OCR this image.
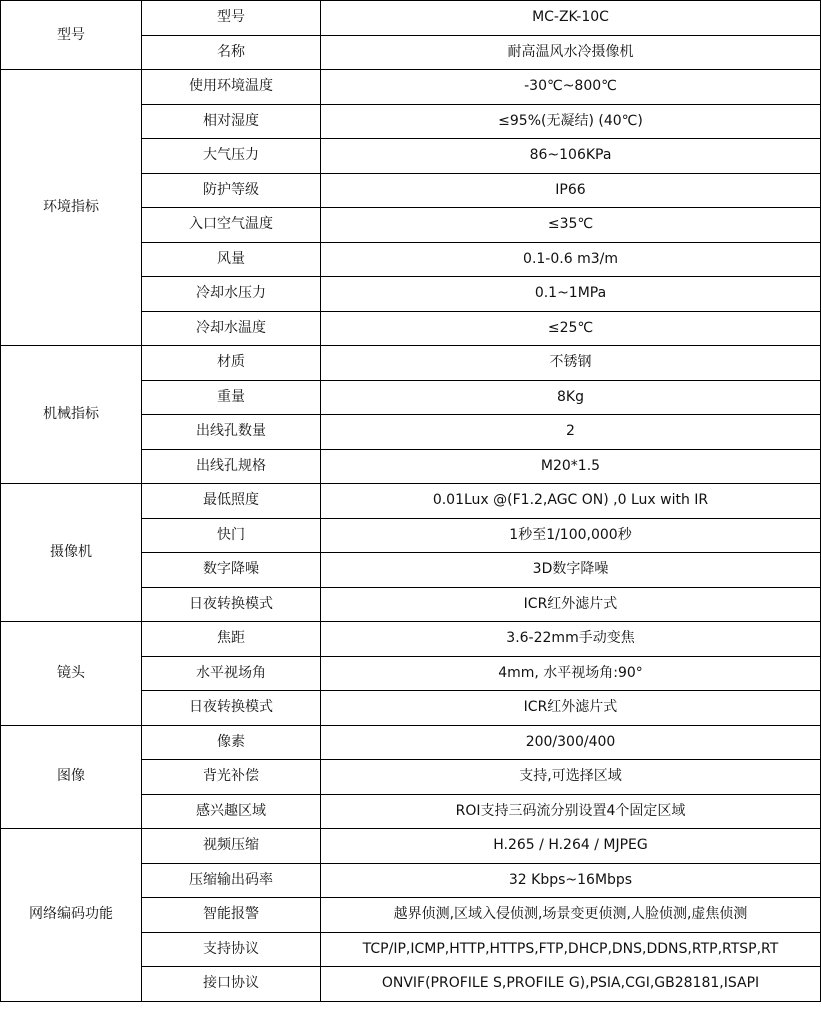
型号	型号	MC-ZK-10C
	名称	耐高温风水冷摄像机
环境指标	使用环境温度	-30℃~800℃
	相对湿度	≤95%(无凝结) (40℃)
	大气压力	86~106KPa
	防护等级	IP66
	入口空气温度	≤35℃
	风量	0.1-0.6 m3/m
	冷却水压力	0.1~1MPa
	冷却水温度	≤25℃
机械指标	材质	不锈钢
	重量	8Kg
	出线孔数量	2
	出线孔规格	M20*1.5
摄像机	最低照度	0.01Lux @(F1.2,AGC ON) ,0 Lux with IR
	快门	1秒至1/100,000秒
	数字降噪	3D数字降噪
	日夜转换模式	ICR红外滤片式
镜头	焦距	3.6-22mm手动变焦
	水平视场角	4mm, 水平视场角:90°
	日夜转换模式	ICR红外滤片式
图像	像素	200/300/400
	背光补偿	支持,可选择区域
	感兴趣区域	ROI支持三码流分别设置4个固定区域
网络编码功能	视频压缩	H.265 / H.264 / MJPEG
	压缩输出码率	32 Kbps~16Mbps
	智能报警	越界侦测,区域入侵侦测,场景变更侦测,人脸侦测,虚焦侦测
	支持协议	TCP/IP,ICMP,HTTP,HTTPS,FTP,DHCP,DNS,DDNS,RTP,RTSP,RT
	接口协议	ONVIF(PROFILE S,PROFILE G),PSIA,CGI,GB28181,ISAPI
